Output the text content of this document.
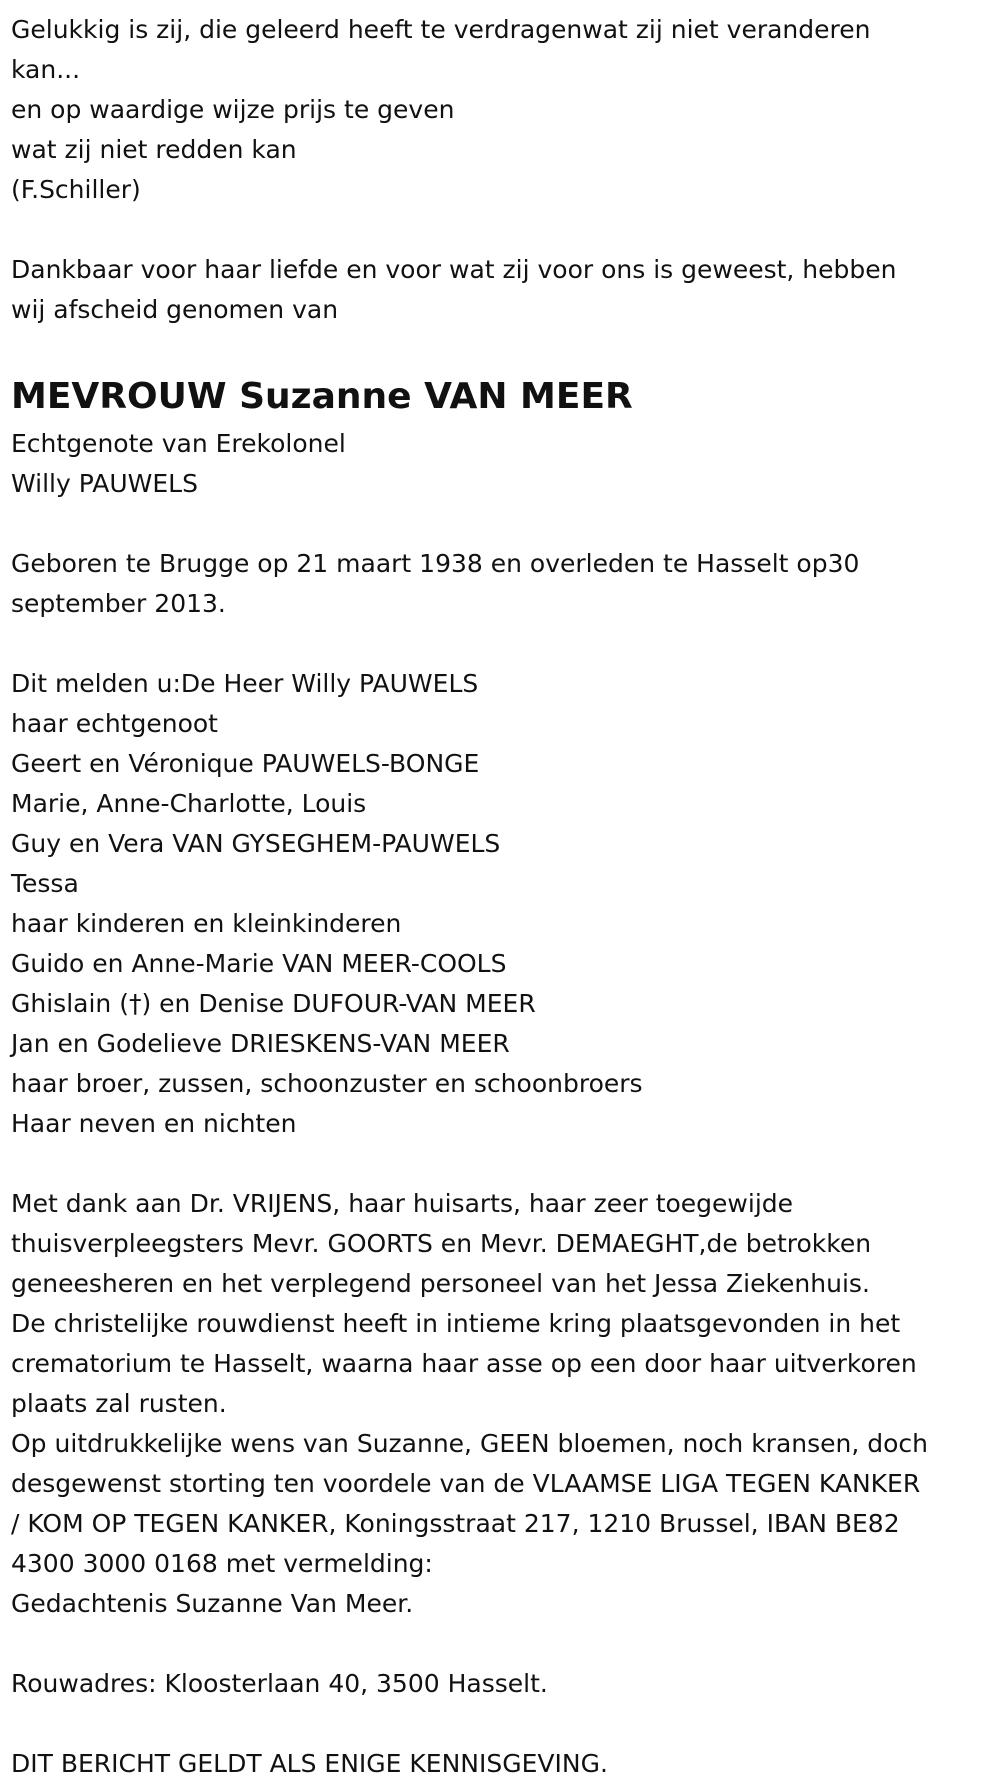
Gelukkig is zij, die geleerd heeft te verdragenwat zij niet veranderen
kan...
en op waardige wijze prijs te geven
wat zij niet redden kan
(F.Schiller)
Dankbaar voor haar liefde en voor wat zij voor ons is geweest, hebben
wij afscheid genomen van
MEVROUW Suzanne VAN MEER
Echtgenote van Erekolonel
Willy PAUWELS
Geboren te Brugge op 21 maart 1938 en overleden te Hasselt op30
september 2013.
Dit melden u:De Heer Willy PAUWELS
haar echtgenoot
Geert en Véronique PAUWELS-BONGE
Marie, Anne-Charlotte, Louis
Guy en Vera VAN GYSEGHEM-PAUWELS
Tessa
haar kinderen en kleinkinderen
Guido en Anne-Marie VAN MEER-COOLS
Ghislain (†) en Denise DUFOUR-VAN MEER
Jan en Godelieve DRIESKENS-VAN MEER
haar broer, zussen, schoonzuster en schoonbroers
Haar neven en nichten
Met dank aan Dr. VRIJENS, haar huisarts, haar zeer toegewijde
thuisverpleegsters Mevr. GOORTS en Mevr. DEMAEGHT,de betrokken
geneesheren en het verplegend personeel van het Jessa Ziekenhuis.
De christelijke rouwdienst heeft in intieme kring plaatsgevonden in het
crematorium te Hasselt, waarna haar asse op een door haar uitverkoren
plaats zal rusten.
Op uitdrukkelijke wens van Suzanne, GEEN bloemen, noch kransen, doch
desgewenst storting ten voordele van de VLAAMSE LIGA TEGEN KANKER
/ KOM OP TEGEN KANKER, Koningsstraat 217, 1210 Brussel, IBAN BE82
4300 3000 0168 met vermelding:
Gedachtenis Suzanne Van Meer.
Rouwadres: Kloosterlaan 40, 3500 Hasselt.
DIT BERICHT GELDT ALS ENIGE KENNISGEVING.
